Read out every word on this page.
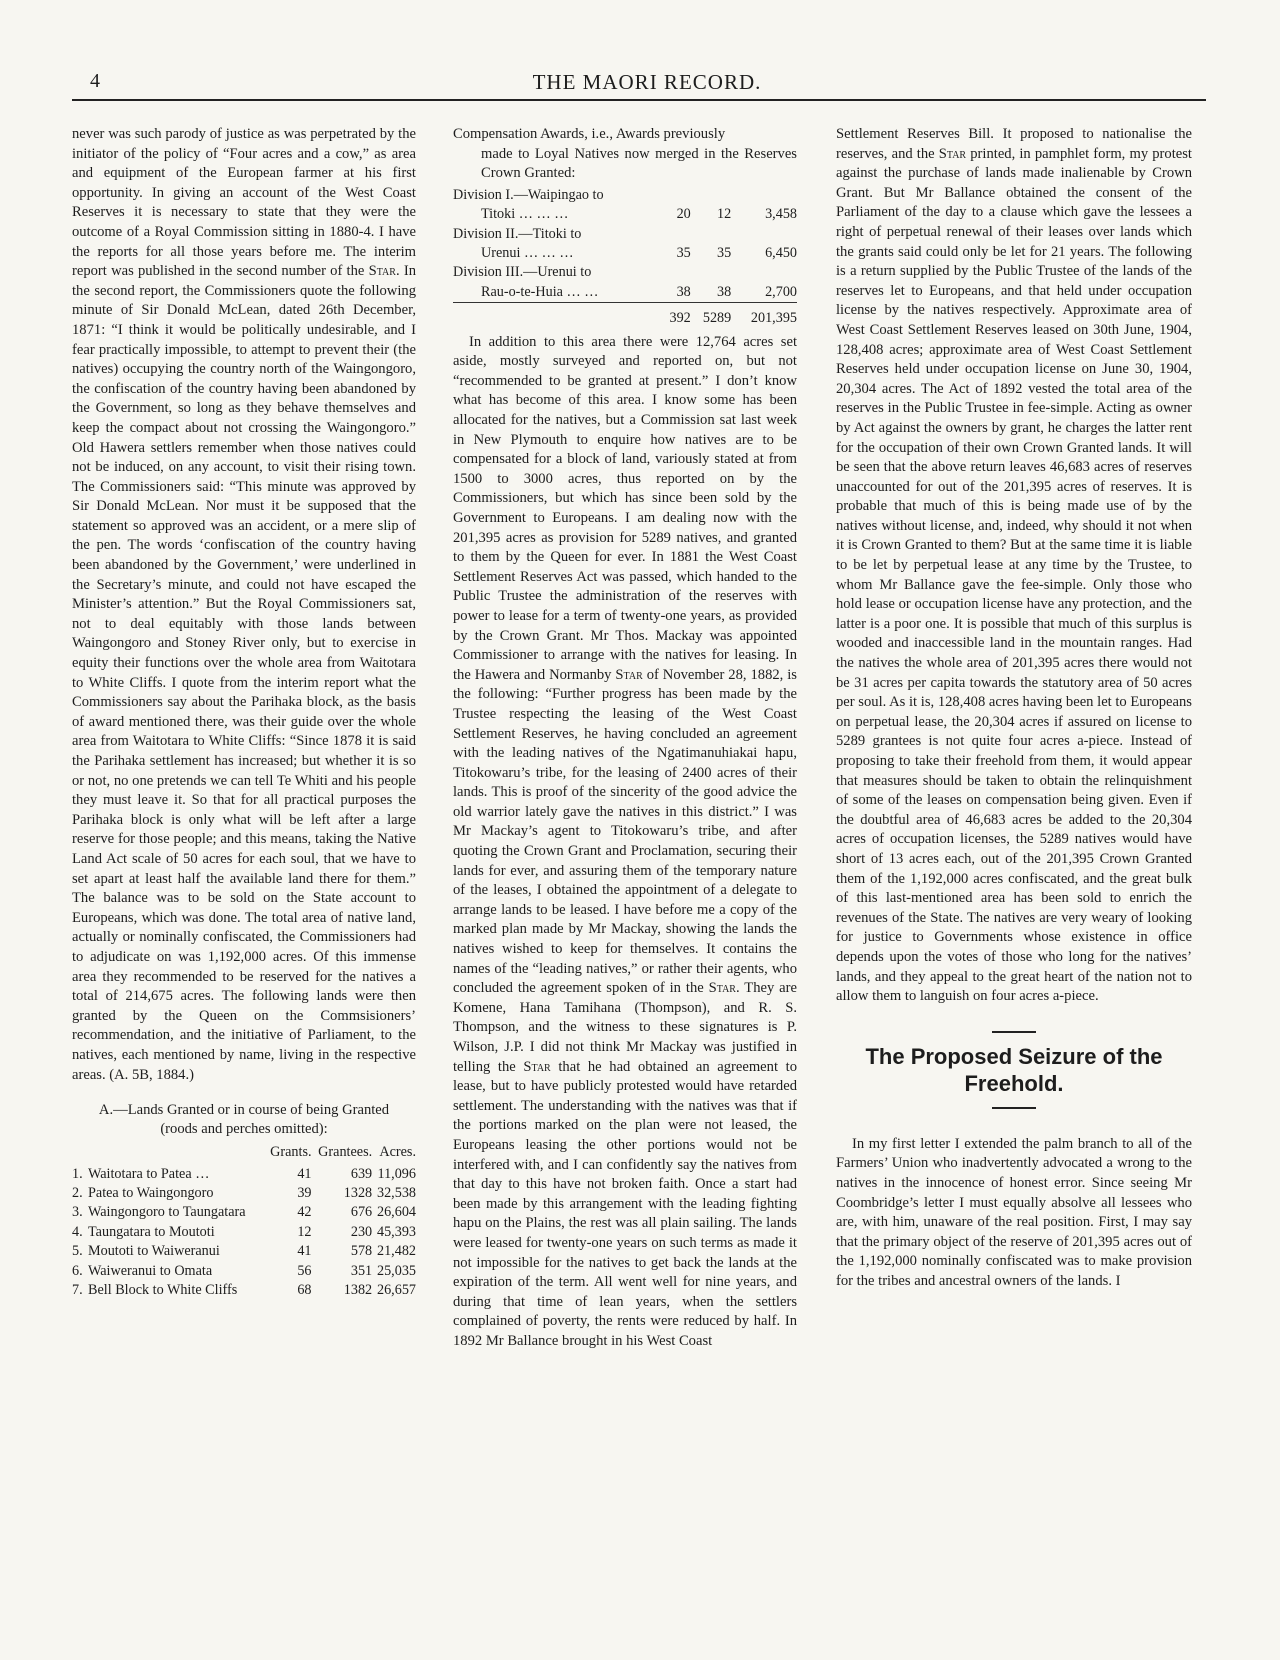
4	THE MAORI RECORD.

never was such parody of justice as was perpetrated by the initiator of the policy of “Four acres and a cow,” as area and equipment of the European farmer at his first opportunity. In giving an account of the West Coast Reserves it is necessary to state that they were the outcome of a Royal Commission sitting in 1880-4. I have the reports for all those years before me. The interim report was published in the second number of the Star. In the second report, the Commissioners quote the following minute of Sir Donald McLean, dated 26th December, 1871: “I think it would be politically undesirable, and I fear practically impossible, to attempt to prevent their (the natives) occupying the country north of the Waingongoro, the confiscation of the country having been abandoned by the Government, so long as they behave themselves and keep the compact about not crossing the Waingongoro.” Old Hawera settlers remember when those natives could not be induced, on any account, to visit their rising town. The Commissioners said: “This minute was approved by Sir Donald McLean. Nor must it be supposed that the statement so approved was an accident, or a mere slip of the pen. The words ‘confiscation of the country having been abandoned by the Government,’ were underlined in the Secretary’s minute, and could not have escaped the Minister’s attention.” But the Royal Commissioners sat, not to deal equitably with those lands between Waingongoro and Stoney River only, but to exercise in equity their functions over the whole area from Waitotara to White Cliffs. I quote from the interim report what the Commissioners say about the Parihaka block, as the basis of award mentioned there, was their guide over the whole area from Waitotara to White Cliffs: “Since 1878 it is said the Parihaka settlement has increased; but whether it is so or not, no one pretends we can tell Te Whiti and his people they must leave it. So that for all practical purposes the Parihaka block is only what will be left after a large reserve for those people; and this means, taking the Native Land Act scale of 50 acres for each soul, that we have to set apart at least half the available land there for them.” The balance was to be sold on the State account to Europeans, which was done. The total area of native land, actually or nominally confiscated, the Commissioners had to adjudicate on was 1,192,000 acres. Of this immense area they recommended to be reserved for the natives a total of 214,675 acres. The following lands were then granted by the Queen on the Commsisioners’ recommendation, and the initiative of Parliament, to the natives, each mentioned by name, living in the respective areas. (A. 5B, 1884.)

A.—Lands Granted or in course of being Granted
(roods and perches omitted):
		Grants.	Grantees.	Acres.
1.	Waitotara to Patea …	41	639	11,096
2.	Patea to Waingongoro	39	1328	32,538
3.	Waingongoro to Taungatara	42	676	26,604
4.	Taungatara to Moutoti	12	230	45,393
5.	Moutoti to Waiweranui	41	578	21,482
6.	Waiweranui to Omata	56	351	25,035
7.	Bell Block to White Cliffs	68	1382	26,657

Compensation Awards, i.e., Awards previously

made to Loyal Natives now merged in the Reserves Crown Granted:

Division I.—Waipingao to			
Titoki … … …	20	12	3,458
Division II.—Titoki to			
Urenui … … …	35	35	6,450
Division III.—Urenui to			
Rau-o-te-Huia … …	38	38	2,700
	392	5289	201,395

In addition to this area there were 12,764 acres set aside, mostly surveyed and reported on, but not “recommended to be granted at present.” I don’t know what has become of this area. I know some has been allocated for the natives, but a Commission sat last week in New Plymouth to enquire how natives are to be compensated for a block of land, variously stated at from 1500 to 3000 acres, thus reported on by the Commissioners, but which has since been sold by the Government to Europeans. I am dealing now with the 201,395 acres as provision for 5289 natives, and granted to them by the Queen for ever. In 1881 the West Coast Settlement Reserves Act was passed, which handed to the Public Trustee the administration of the reserves with power to lease for a term of twenty-one years, as provided by the Crown Grant. Mr Thos. Mackay was appointed Commissioner to arrange with the natives for leasing. In the Hawera and Normanby Star of November 28, 1882, is the following: “Further progress has been made by the Trustee respecting the leasing of the West Coast Settlement Reserves, he having concluded an agreement with the leading natives of the Ngatimanuhiakai hapu, Titokowaru’s tribe, for the leasing of 2400 acres of their lands. This is proof of the sincerity of the good advice the old warrior lately gave the natives in this district.” I was Mr Mackay’s agent to Titokowaru’s tribe, and after quoting the Crown Grant and Proclamation, securing their lands for ever, and assuring them of the temporary nature of the leases, I obtained the appointment of a delegate to arrange lands to be leased. I have before me a copy of the marked plan made by Mr Mackay, showing the lands the natives wished to keep for themselves. It contains the names of the “leading natives,” or rather their agents, who concluded the agreement spoken of in the Star. They are Komene, Hana Tamihana (Thompson), and R. S. Thompson, and the witness to these signatures is P. Wilson, J.P. I did not think Mr Mackay was justified in telling the Star that he had obtained an agreement to lease, but to have publicly protested would have retarded settlement. The understanding with the natives was that if the portions marked on the plan were not leased, the Europeans leasing the other portions would not be interfered with, and I can confidently say the natives from that day to this have not broken faith. Once a start had been made by this arrangement with the leading fighting hapu on the Plains, the rest was all plain sailing. The lands were leased for twenty-one years on such terms as made it not impossible for the natives to get back the lands at the expiration of the term. All went well for nine years, and during that time of lean years, when the settlers complained of poverty, the rents were reduced by half. In 1892 Mr Ballance brought in his West Coast

Settlement Reserves Bill. It proposed to nationalise the reserves, and the Star printed, in pamphlet form, my protest against the purchase of lands made inalienable by Crown Grant. But Mr Ballance obtained the consent of the Parliament of the day to a clause which gave the lessees a right of perpetual renewal of their leases over lands which the grants said could only be let for 21 years. The following is a return supplied by the Public Trustee of the lands of the reserves let to Europeans, and that held under occupation license by the natives respectively. Approximate area of West Coast Settlement Reserves leased on 30th June, 1904, 128,408 acres; approximate area of West Coast Settlement Reserves held under occupation license on June 30, 1904, 20,304 acres. The Act of 1892 vested the total area of the reserves in the Public Trustee in fee-simple. Acting as owner by Act against the owners by grant, he charges the latter rent for the occupation of their own Crown Granted lands. It will be seen that the above return leaves 46,683 acres of reserves unaccounted for out of the 201,395 acres of reserves. It is probable that much of this is being made use of by the natives without license, and, indeed, why should it not when it is Crown Granted to them? But at the same time it is liable to be let by perpetual lease at any time by the Trustee, to whom Mr Ballance gave the fee-simple. Only those who hold lease or occupation license have any protection, and the latter is a poor one. It is possible that much of this surplus is wooded and inaccessible land in the mountain ranges. Had the natives the whole area of 201,395 acres there would not be 31 acres per capita towards the statutory area of 50 acres per soul. As it is, 128,408 acres having been let to Europeans on perpetual lease, the 20,304 acres if assured on license to 5289 grantees is not quite four acres a-piece. Instead of proposing to take their freehold from them, it would appear that measures should be taken to obtain the relinquishment of some of the leases on compensation being given. Even if the doubtful area of 46,683 acres be added to the 20,304 acres of occupation licenses, the 5289 natives would have short of 13 acres each, out of the 201,395 Crown Granted them of the 1,192,000 acres confiscated, and the great bulk of this last-mentioned area has been sold to enrich the revenues of the State. The natives are very weary of looking for justice to Governments whose existence in office depends upon the votes of those who long for the natives’ lands, and they appeal to the great heart of the nation not to allow them to languish on four acres a-piece.

The Proposed Seizure of the Freehold.

In my first letter I extended the palm branch to all of the Farmers’ Union who inadvertently advocated a wrong to the natives in the innocence of honest error. Since seeing Mr Coombridge’s letter I must equally absolve all lessees who are, with him, unaware of the real position. First, I may say that the primary object of the reserve of 201,395 acres out of the 1,192,000 nominally confiscated was to make provision for the tribes and ancestral owners of the lands. I
